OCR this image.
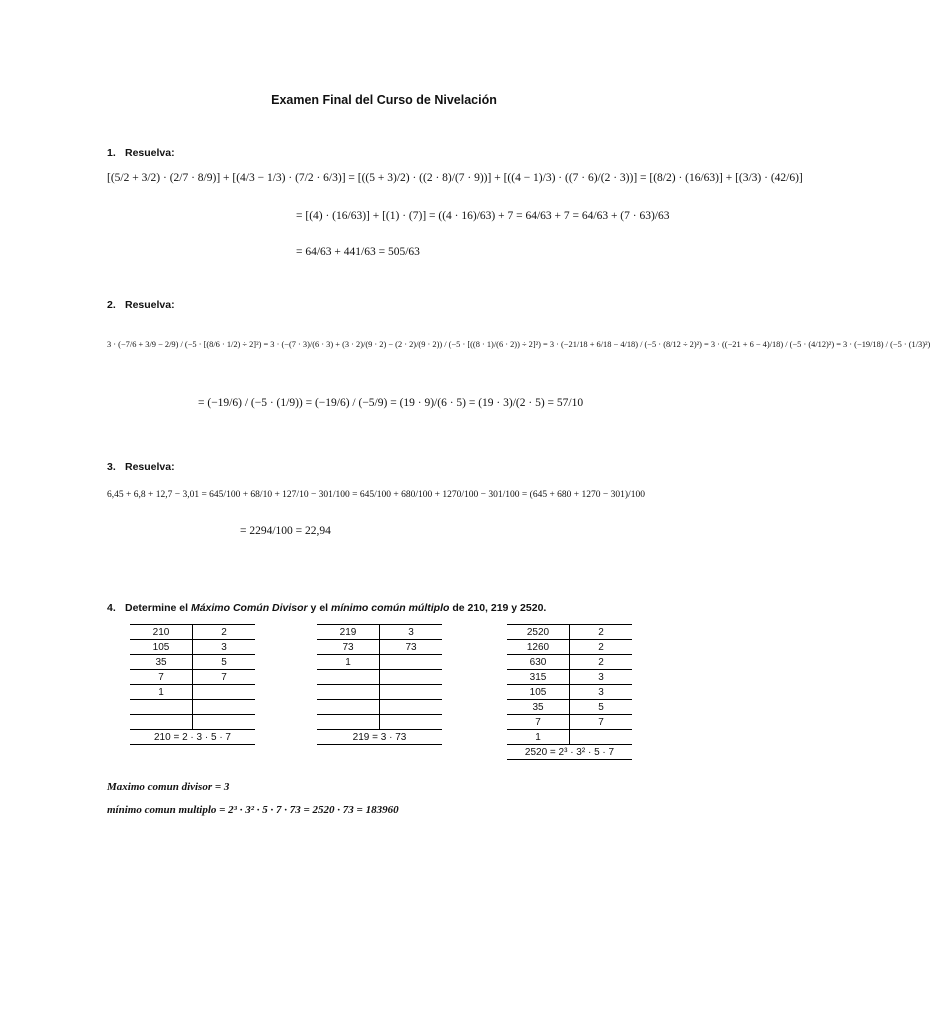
Examen Final del Curso de Nivelación
1. Resuelva:
[(5/2 + 3/2) · (2/7 · 8/9)] + [(4/3 − 1/3) · (7/2 · 6/3)] = [((5 + 3)/2) · ((2 · 8)/(7 · 9))] + [((4 − 1)/3) · ((7 · 6)/(2 · 3))] = [(8/2) · (16/63)] + [(3/3) · (42/6)]
= [(4) · (16/63)] + [(1) · (7)] = ((4 · 16)/63) + 7 = 64/63 + 7 = 64/63 + (7 · 63)/63
= 64/63 + 441/63 = 505/63
2. Resuelva:
3 · (−7/6 + 3/9 − 2/9) / (−5 · [(8/6 · 1/2) ÷ 2]²) = 3 · (−(7 · 3)/(6 · 3) + (3 · 2)/(9 · 2) − (2 · 2)/(9 · 2)) / (−5 · [((8 · 1)/(6 · 2)) ÷ 2]²) = 3 · (−21/18 + 6/18 − 4/18) / (−5 · (8/12 ÷ 2)²) = 3 · ((−21 + 6 − 4)/18) / (−5 · (4/12)²) = 3 · (−19/18) / (−5 · (1/3)²)
= (−19/6) / (−5 · (1/9)) = (−19/6) / (−5/9) = (19 · 9)/(6 · 5) = (19 · 3)/(2 · 5) = 57/10
3. Resuelva:
6,45 + 6,8 + 12,7 − 3,01 = 645/100 + 68/10 + 127/10 − 301/100 = 645/100 + 680/100 + 1270/100 − 301/100 = (645 + 680 + 1270 − 301)/100
= 2294/100 = 22,94
4. Determine el Máximo Común Divisor y el mínimo común múltiplo de 210, 219 y 2520.
210	2
105	3
35	5
7	7
1	

210 = 2 · 3 · 5 · 7	
219	3
73	73
1	

219 = 3 · 73	
2520	2
1260	2
630	2
315	3
105	3
35	5
7	7
1	
2520 = 2³ · 3² · 5 · 7	
Maximo comun divisor = 3
mínimo comun multiplo = 2³ · 3² · 5 · 7 · 73 = 2520 · 73 = 183960
